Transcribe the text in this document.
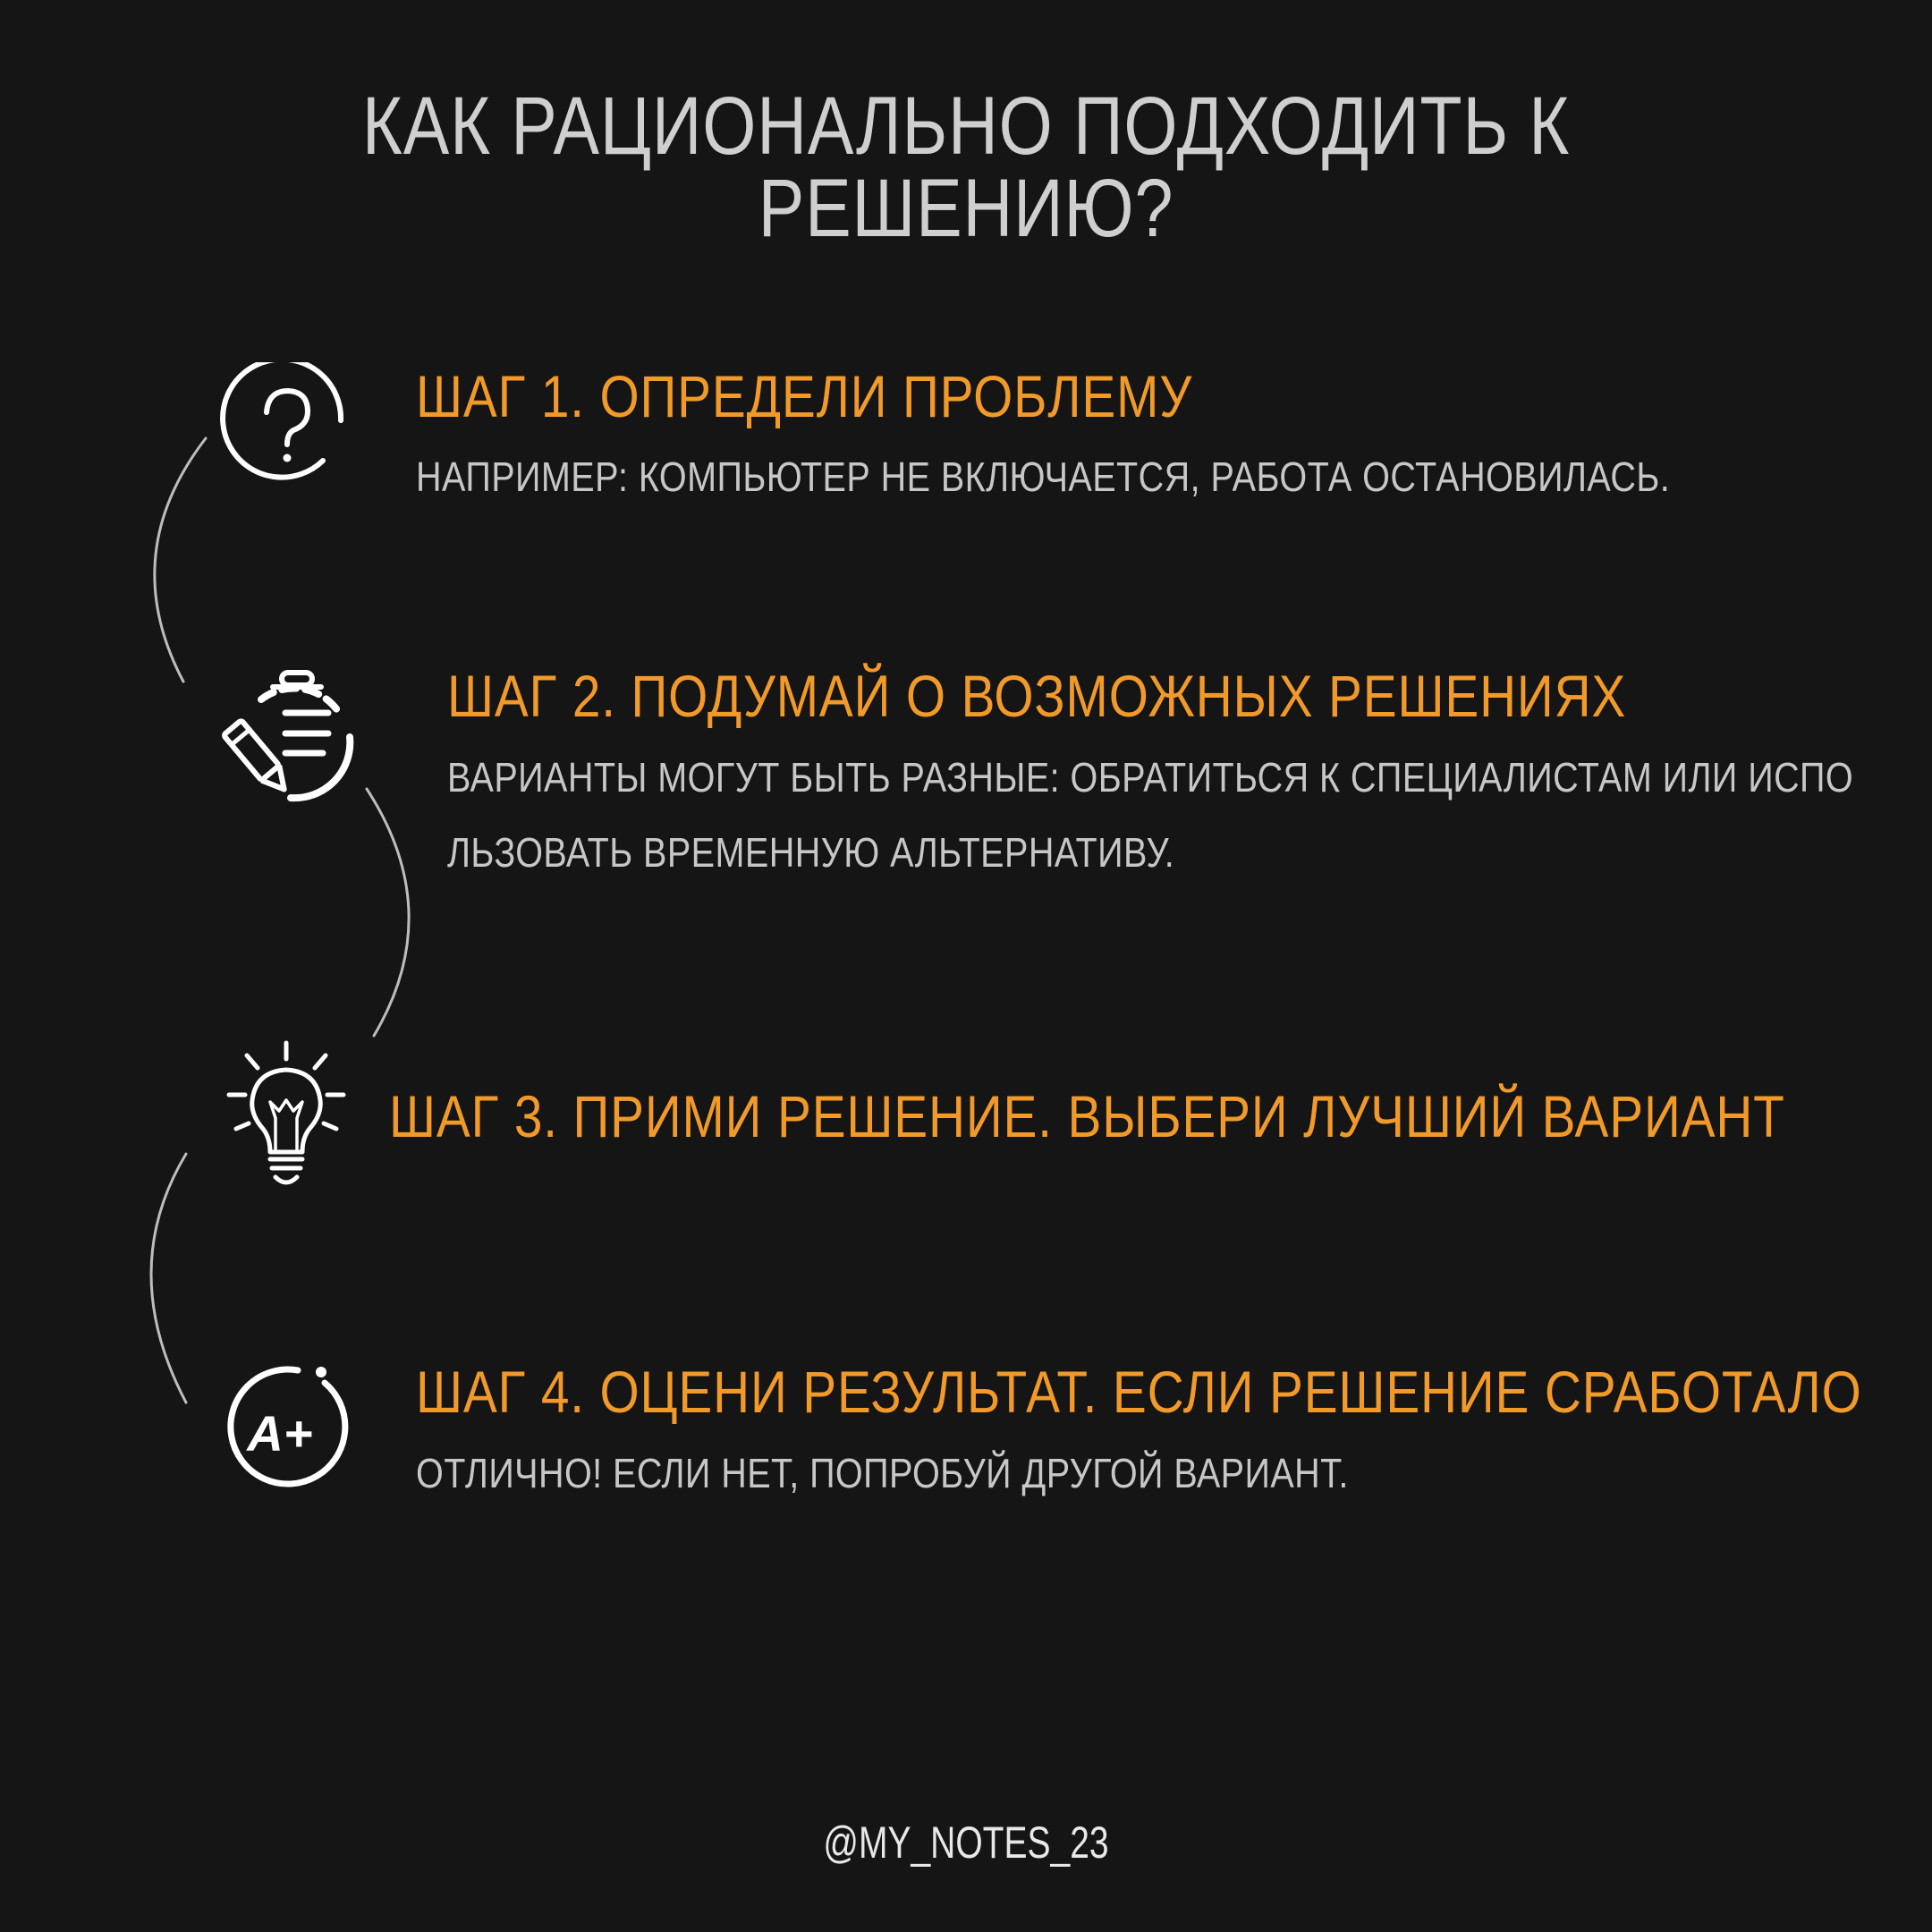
КАК РАЦИОНАЛЬНО ПОДХОДИТЬ К РЕШЕНИЮ?
A+
ШАГ 1. ОПРЕДЕЛИ ПРОБЛЕМУ
НАПРИМЕР: КОМПЬЮТЕР НЕ ВКЛЮЧАЕТСЯ, РАБОТА ОСТАНОВИЛАСЬ.
ШАГ 2. ПОДУМАЙ О ВОЗМОЖНЫХ РЕШЕНИЯХ
ВАРИАНТЫ МОГУТ БЫТЬ РАЗНЫЕ: ОБРАТИТЬСЯ К СПЕЦИАЛИСТАМ ИЛИ ИСПО
ЛЬЗОВАТЬ ВРЕМЕННУЮ АЛЬТЕРНАТИВУ.
ШАГ 3. ПРИМИ РЕШЕНИЕ. ВЫБЕРИ ЛУЧШИЙ ВАРИАНТ
ШАГ 4. ОЦЕНИ РЕЗУЛЬТАТ. ЕСЛИ РЕШЕНИЕ СРАБОТАЛО
ОТЛИЧНО! ЕСЛИ НЕТ, ПОПРОБУЙ ДРУГОЙ ВАРИАНТ.
@MY_NOTES_23
